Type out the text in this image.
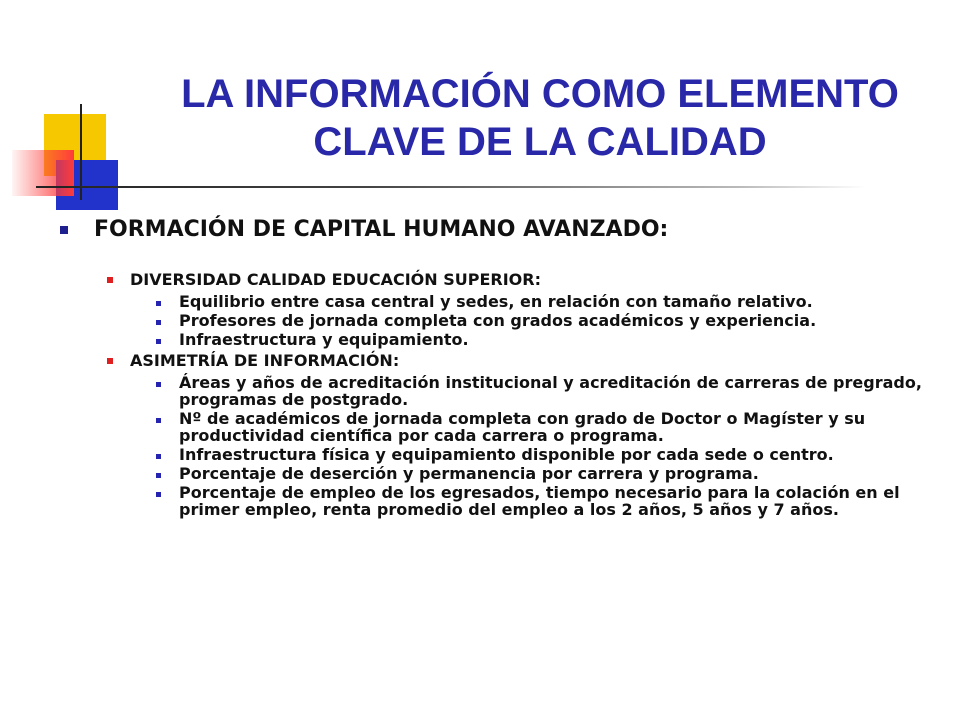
LA INFORMACIÓN COMO ELEMENTO
CLAVE DE LA CALIDAD
FORMACIÓN DE CAPITAL HUMANO AVANZADO:
DIVERSIDAD CALIDAD EDUCACIÓN SUPERIOR:
Equilibrio entre casa central y sedes, en relación con tamaño relativo.
Profesores de jornada completa con grados académicos y experiencia.
Infraestructura y equipamiento.
ASIMETRÍA DE INFORMACIÓN:
Áreas y años de acreditación institucional y acreditación de carreras de pregrado, programas de postgrado.
Nº de académicos de jornada completa con grado de Doctor o Magíster y su productividad científica por cada carrera o programa.
Infraestructura física y equipamiento disponible por cada sede o centro.
Porcentaje de deserción y permanencia por carrera y programa.
Porcentaje de empleo de los egresados, tiempo necesario para la colación en el primer empleo, renta promedio del empleo a los 2 años, 5 años y 7 años.
